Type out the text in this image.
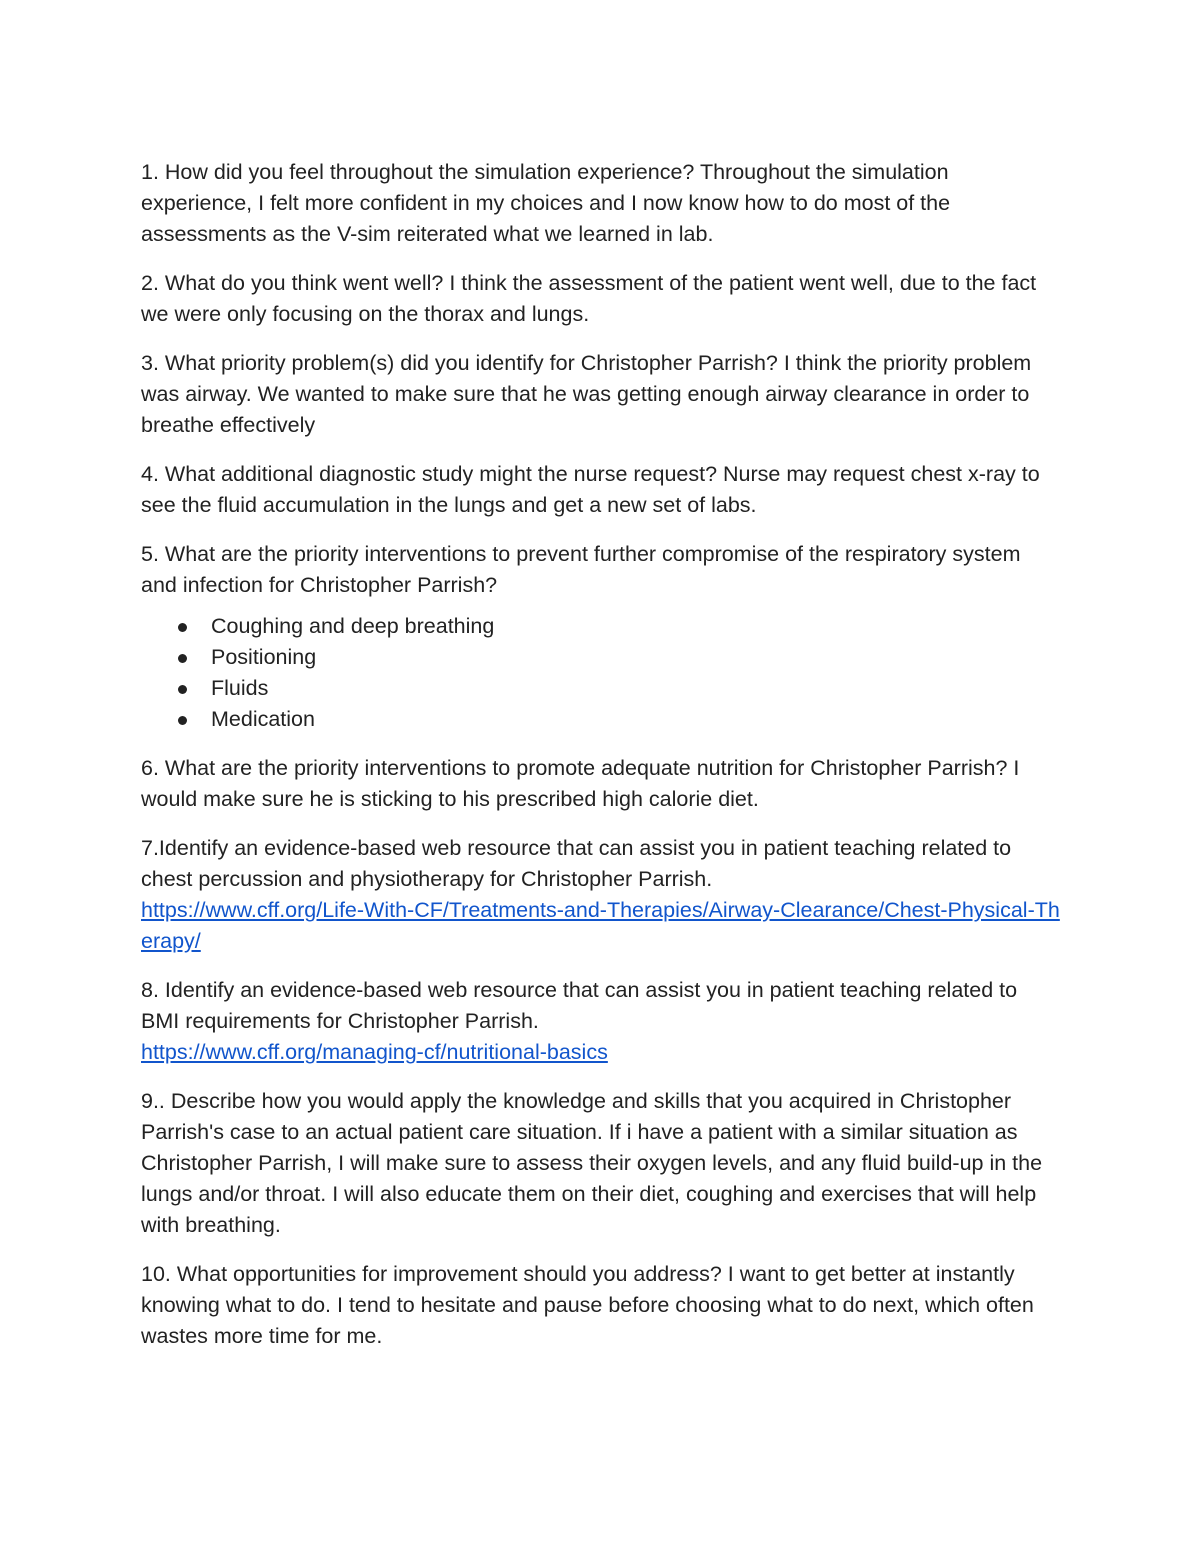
1. How did you feel throughout the simulation experience? Throughout the simulation experience, I felt more confident in my choices and I now know how to do most of the assessments as the V-sim reiterated what we learned in lab.

2. What do you think went well? I think the assessment of the patient went well, due to the fact we were only focusing on the thorax and lungs.

3. What priority problem(s) did you identify for Christopher Parrish? I think the priority problem was airway. We wanted to make sure that he was getting enough airway clearance in order to breathe effectively

4. What additional diagnostic study might the nurse request? Nurse may request chest x-ray to see the fluid accumulation in the lungs and get a new set of labs.

5. What are the priority interventions to prevent further compromise of the respiratory system and infection for Christopher Parrish?

Coughing and deep breathing
Positioning
Fluids
Medication

6. What are the priority interventions to promote adequate nutrition for Christopher Parrish? I would make sure he is sticking to his prescribed high calorie diet.

7.Identify an evidence-based web resource that can assist you in patient teaching related to chest percussion and physiotherapy for Christopher Parrish.
https://www.cff.org/Life-With-CF/Treatments-and-Therapies/Airway-Clearance/Chest-Physical-Therapy/

8. Identify an evidence-based web resource that can assist you in patient teaching related to BMI requirements for Christopher Parrish.
https://www.cff.org/managing-cf/nutritional-basics

9.. Describe how you would apply the knowledge and skills that you acquired in Christopher Parrish's case to an actual patient care situation. If i have a patient with a similar situation as Christopher Parrish, I will make sure to assess their oxygen levels, and any fluid build-up in the lungs and/or throat. I will also educate them on their diet, coughing and exercises that will help with breathing.

10. What opportunities for improvement should you address? I want to get better at instantly knowing what to do. I tend to hesitate and pause before choosing what to do next, which often wastes more time for me.
